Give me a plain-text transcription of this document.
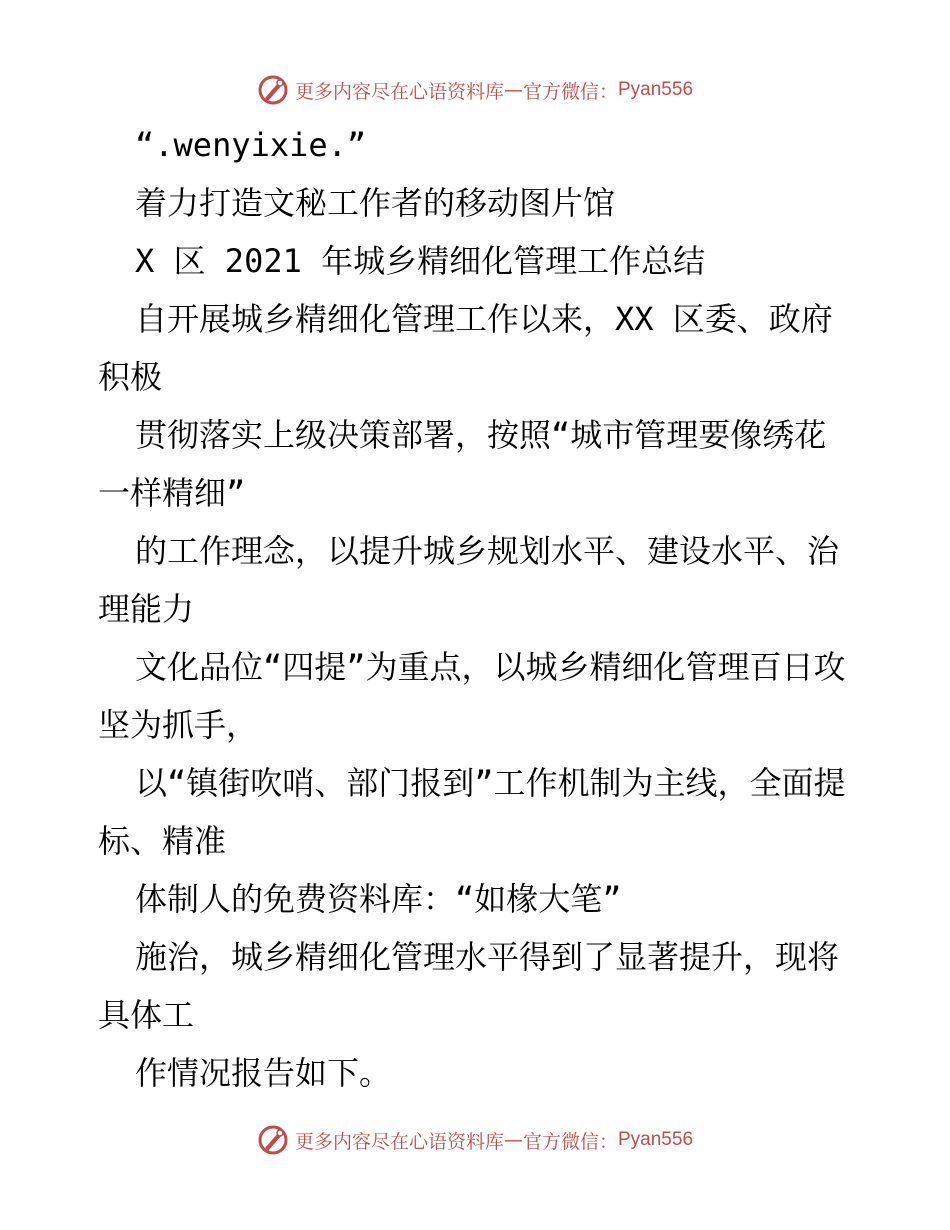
更多内容尽在心语资料库 — 官方微信： Pyan556

“.wenyixie.”

着力打造文秘工作者的移动图片馆

X 区 2021 年城乡精细化管理工作总结

自开展城乡精细化管理工作以来，XX 区委、政府积极

贯彻落实上级决策部署，按照“城市管理要像绣花一样精细”

的工作理念，以提升城乡规划水平、建设水平、治理能力

文化品位“四提”为重点，以城乡精细化管理百日攻坚为抓手，

以“镇街吹哨、部门报到”工作机制为主线，全面提标、精准

体制人的免费资料库：“如椽大笔”

施治，城乡精细化管理水平得到了显著提升，现将具体工

作情况报告如下。

更多内容尽在心语资料库 — 官方微信： Pyan556
